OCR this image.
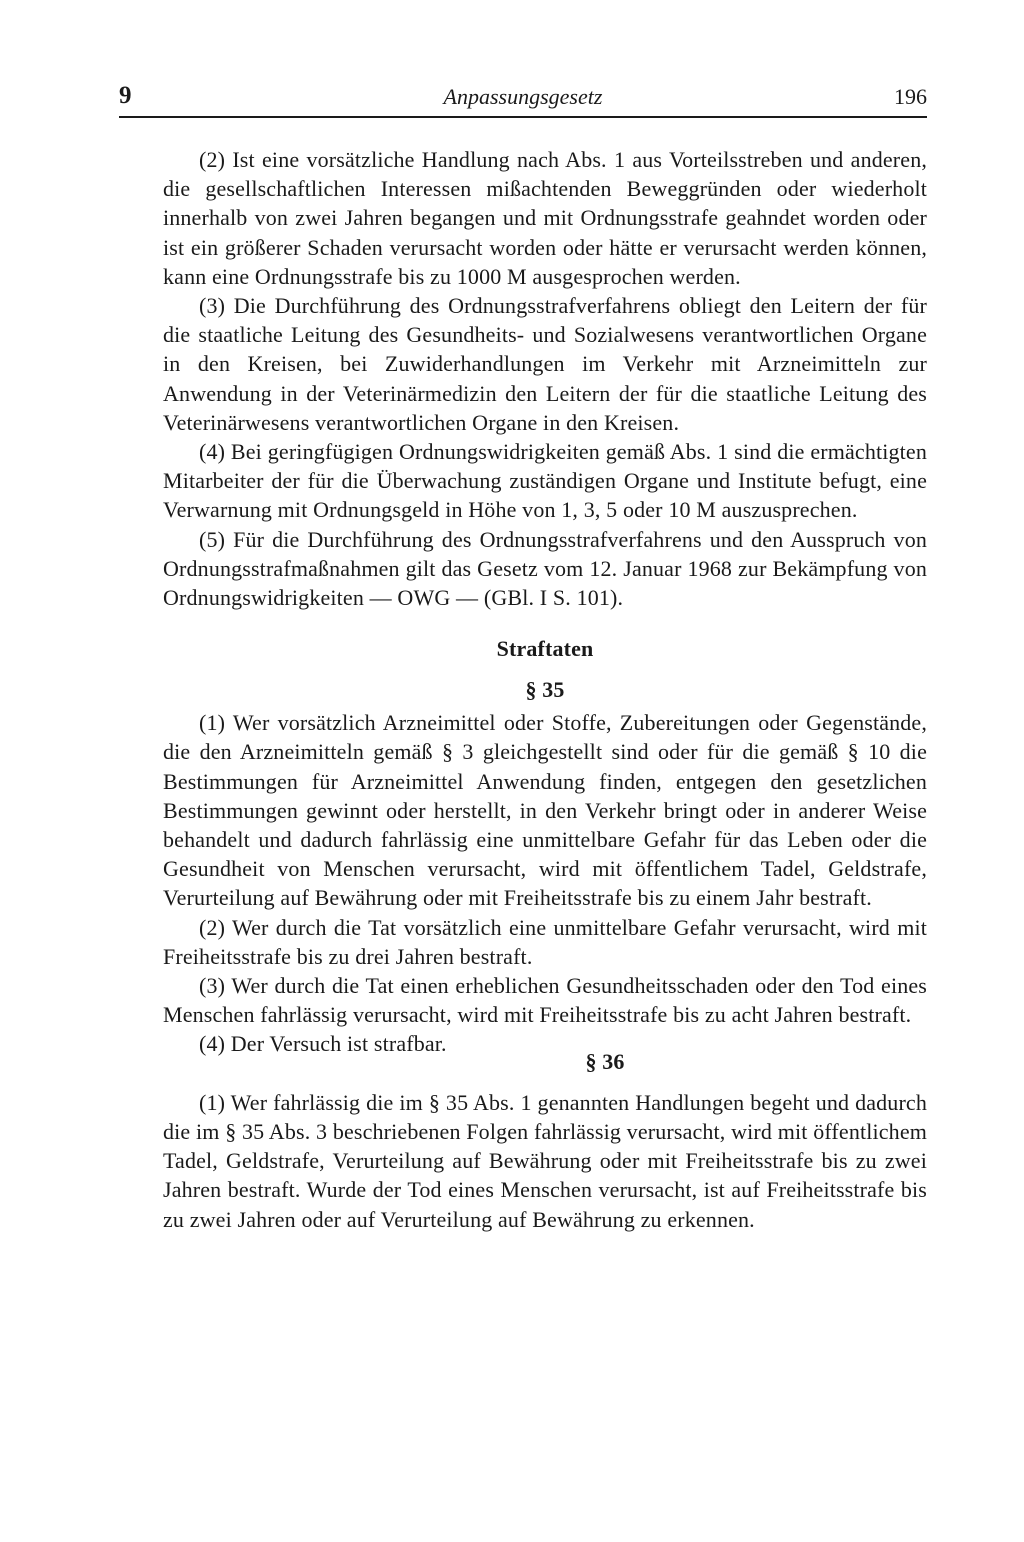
9	Anpassungsgesetz	196

(2) Ist eine vorsätzliche Handlung nach Abs. 1 aus Vorteilsstreben und anderen, die gesellschaftlichen Interessen mißachtenden Beweggründen oder wiederholt innerhalb von zwei Jahren begangen und mit Ordnungsstrafe geahndet worden oder ist ein größerer Schaden verursacht worden oder hätte er verursacht werden können, kann eine Ordnungsstrafe bis zu 1000 M ausgesprochen werden.

(3) Die Durchführung des Ordnungsstrafverfahrens obliegt den Leitern der für die staatliche Leitung des Gesundheits- und Sozialwesens verantwortlichen Organe in den Kreisen, bei Zuwiderhandlungen im Verkehr mit Arzneimitteln zur Anwendung in der Veterinärmedizin den Leitern der für die staatliche Leitung des Veterinärwesens verantwortlichen Organe in den Kreisen.

(4) Bei geringfügigen Ordnungswidrigkeiten gemäß Abs. 1 sind die ermächtigten Mitarbeiter der für die Überwachung zuständigen Organe und Institute befugt, eine Verwarnung mit Ordnungsgeld in Höhe von 1, 3, 5 oder 10 M auszusprechen.

(5) Für die Durchführung des Ordnungsstrafverfahrens und den Ausspruch von Ordnungsstrafmaßnahmen gilt das Gesetz vom 12. Januar 1968 zur Bekämpfung von Ordnungswidrigkeiten — OWG — (GBl. I S. 101).

Straftaten
§ 35

(1) Wer vorsätzlich Arzneimittel oder Stoffe, Zubereitungen oder Gegenstände, die den Arzneimitteln gemäß § 3 gleichgestellt sind oder für die gemäß § 10 die Bestimmungen für Arzneimittel Anwendung finden, entgegen den gesetzlichen Bestimmungen gewinnt oder herstellt, in den Verkehr bringt oder in anderer Weise behandelt und dadurch fahrlässig eine unmittelbare Gefahr für das Leben oder die Gesundheit von Menschen verursacht, wird mit öffentlichem Tadel, Geldstrafe, Verurteilung auf Bewährung oder mit Freiheitsstrafe bis zu einem Jahr bestraft.

(2) Wer durch die Tat vorsätzlich eine unmittelbare Gefahr verursacht, wird mit Freiheitsstrafe bis zu drei Jahren bestraft.

(3) Wer durch die Tat einen erheblichen Gesundheitsschaden oder den Tod eines Menschen fahrlässig verursacht, wird mit Freiheitsstrafe bis zu acht Jahren bestraft.

(4) Der Versuch ist strafbar.

§ 36

(1) Wer fahrlässig die im § 35 Abs. 1 genannten Handlungen begeht und dadurch die im § 35 Abs. 3 beschriebenen Folgen fahrlässig verursacht, wird mit öffentlichem Tadel, Geldstrafe, Verurteilung auf Bewährung oder mit Freiheitsstrafe bis zu zwei Jahren bestraft. Wurde der Tod eines Menschen verursacht, ist auf Freiheitsstrafe bis zu zwei Jahren oder auf Verurteilung auf Bewährung zu erkennen.
